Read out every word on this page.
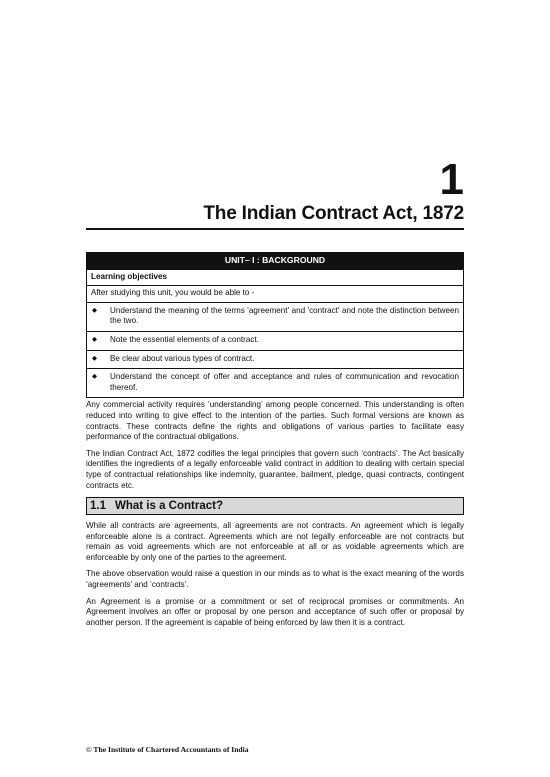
1
The Indian Contract Act, 1872
UNIT– I : BACKGROUND
Learning objectives
After studying this unit, you would be able to -
◆	Understand the meaning of the terms 'agreement' and 'contract' and note the distinction between the two.
◆	Note the essential elements of a contract.
◆	Be clear about various types of contract.
◆	Understand the concept of offer and acceptance and rules of communication and revocation thereof.

Any commercial activity requires ‘understanding’ among people concerned. This understanding is often reduced into writing to give effect to the intention of the parties. Such formal versions are known as contracts. These contracts define the rights and obligations of various parties to facilitate easy performance of the contractual obligations.

The Indian Contract Act, 1872 codifies the legal principles that govern such ‘contracts’. The Act basically identifies the ingredients of a legally enforceable valid contract in addition to dealing with certain special type of contractual relationships like indemnity, guarantee, bailment, pledge, quasi contracts, contingent contracts etc.

1.1 What is a Contract?

While all contracts are agreements, all agreements are not contracts. An agreement which is legally enforceable alone is a contract. Agreements which are not legally enforceable are not contracts but remain as void agreements which are not enforceable at all or as voidable agreements which are enforceable by only one of the parties to the agreement.

The above observation would raise a question in our minds as to what is the exact meaning of the words ‘agreements’ and ‘contracts’.

An Agreement is a promise or a commitment or set of reciprocal promises or commitments. An Agreement involves an offer or proposal by one person and acceptance of such offer or proposal by another person. If the agreement is capable of being enforced by law then it is a contract.

© The Institute of Chartered Accountants of India
